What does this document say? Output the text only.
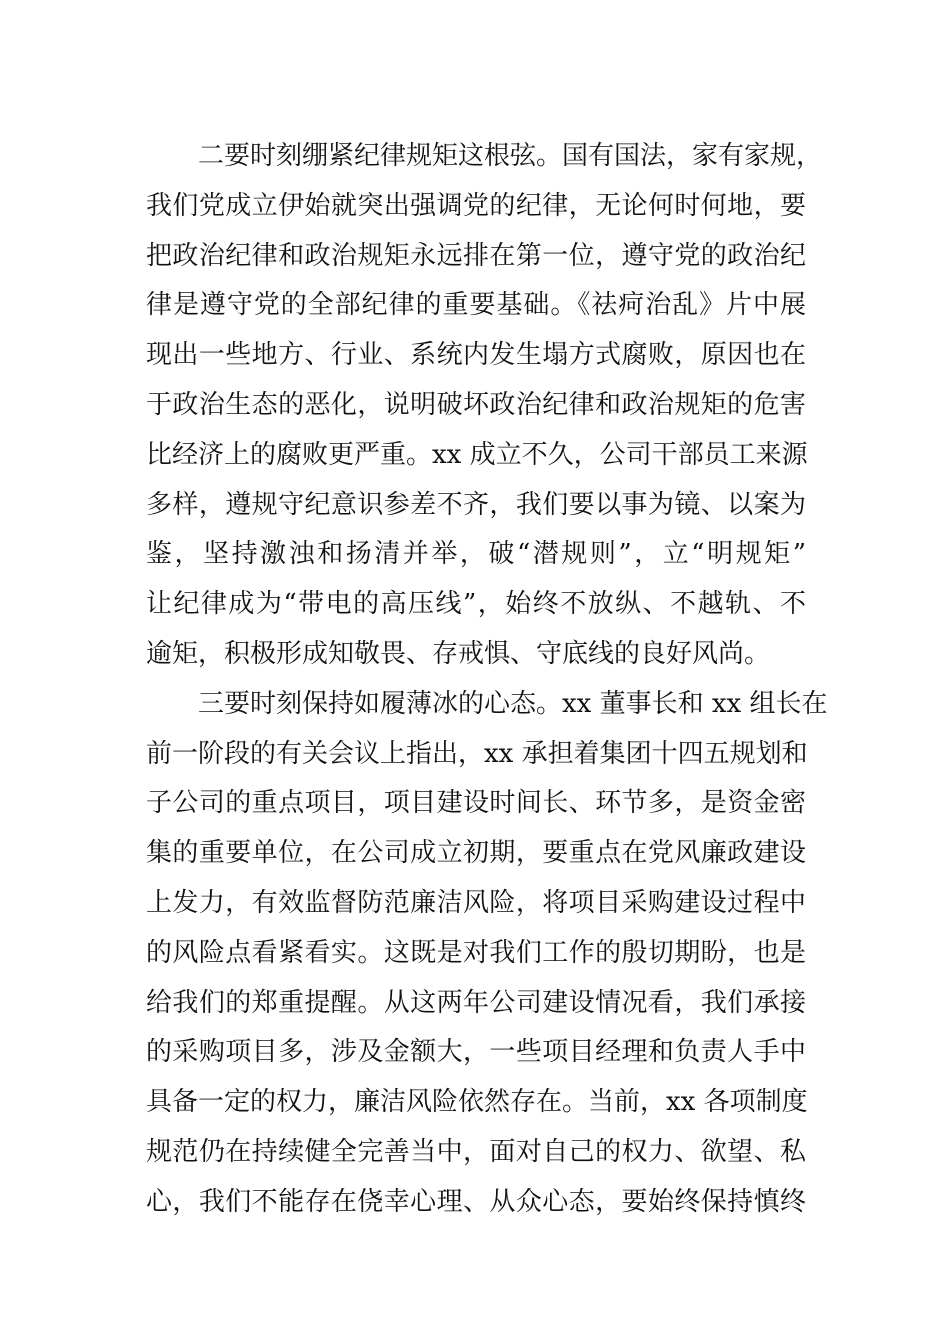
二要时刻绷紧纪律规矩这根弦。国有国法，家有家规，
我们党成立伊始就突出强调党的纪律，无论何时何地，要
把政治纪律和政治规矩永远排在第一位，遵守党的政治纪
律是遵守党的全部纪律的重要基础。《祛疴治乱》片中展
现出一些地方、行业、系统内发生塌方式腐败，原因也在
于政治生态的恶化，说明破坏政治纪律和政治规矩的危害
比经济上的腐败更严重。xx 成立不久，公司干部员工来源
多样，遵规守纪意识参差不齐，我们要以事为镜、以案为
鉴，坚持激浊和扬清并举，破“潜规则”，立“明规矩”
让纪律成为“带电的高压线”，始终不放纵、不越轨、不
逾矩，积极形成知敬畏、存戒惧、守底线的良好风尚。
三要时刻保持如履薄冰的心态。xx 董事长和 xx 组长在
前一阶段的有关会议上指出，xx 承担着集团十四五规划和
子公司的重点项目，项目建设时间长、环节多，是资金密
集的重要单位，在公司成立初期，要重点在党风廉政建设
上发力，有效监督防范廉洁风险，将项目采购建设过程中
的风险点看紧看实。这既是对我们工作的殷切期盼，也是
给我们的郑重提醒。从这两年公司建设情况看，我们承接
的采购项目多，涉及金额大，一些项目经理和负责人手中
具备一定的权力，廉洁风险依然存在。当前，xx 各项制度
规范仍在持续健全完善当中，面对自己的权力、欲望、私
心，我们不能存在侥幸心理、从众心态，要始终保持慎终
